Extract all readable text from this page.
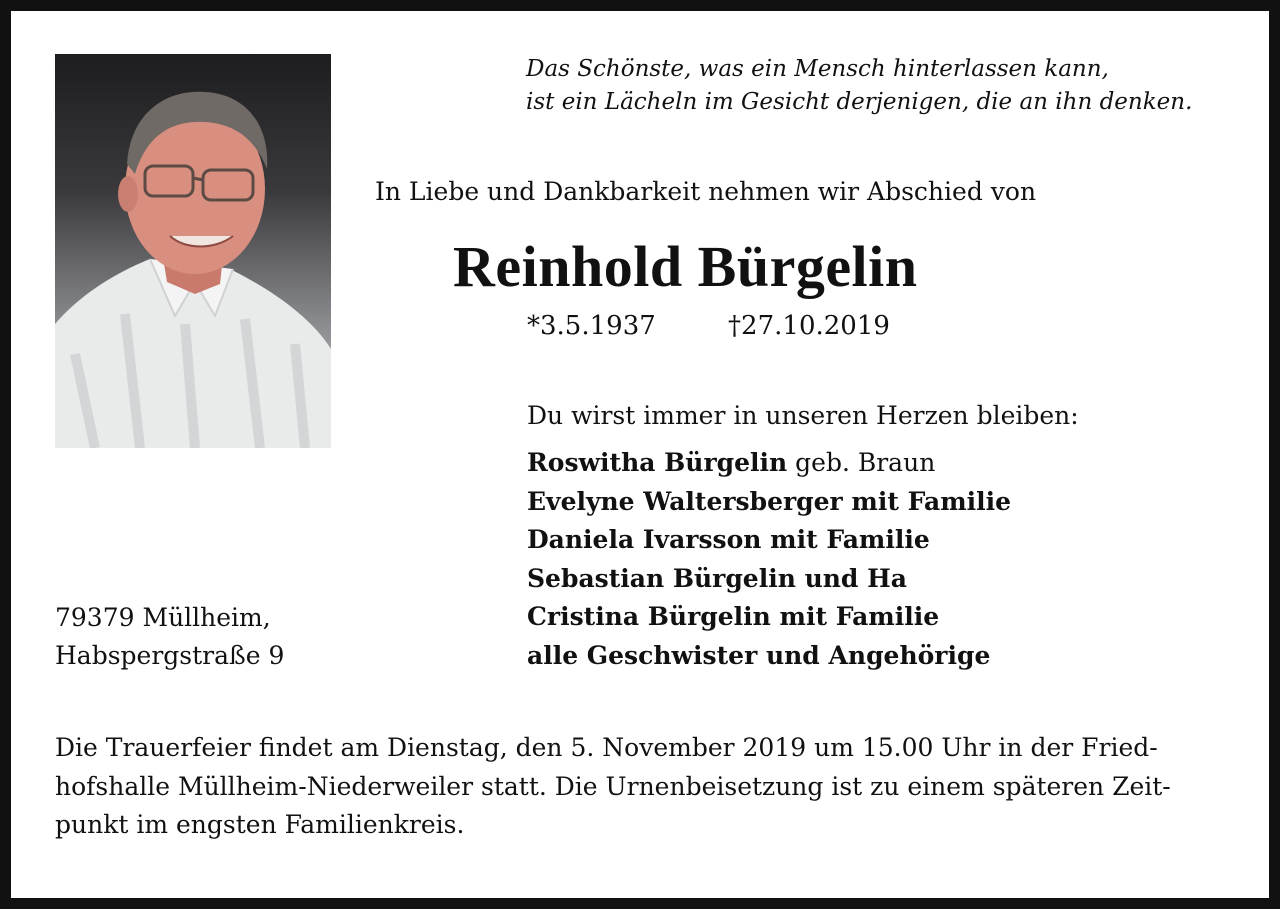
Das Schönste, was ein Mensch hinterlassen kann,
ist ein Lächeln im Gesicht derjenigen, die an ihn denken.
In Liebe und Dankbarkeit nehmen wir Abschied von
Reinhold Bürgelin
*3.5.1937	†27.10.2019
Du wirst immer in unseren Herzen bleiben:
Roswitha Bürgelin geb. Braun
Evelyne Waltersberger mit Familie
Daniela Ivarsson mit Familie
Sebastian Bürgelin und Ha
Cristina Bürgelin mit Familie
alle Geschwister und Angehörige
79379 Müllheim,
Habspergstraße 9
Die Trauerfeier findet am Dienstag, den 5. November 2019 um 15.00 Uhr in der Fried-
hofshalle Müllheim-Niederweiler statt. Die Urnenbeisetzung ist zu einem späteren Zeit-
punkt im engsten Familienkreis.
